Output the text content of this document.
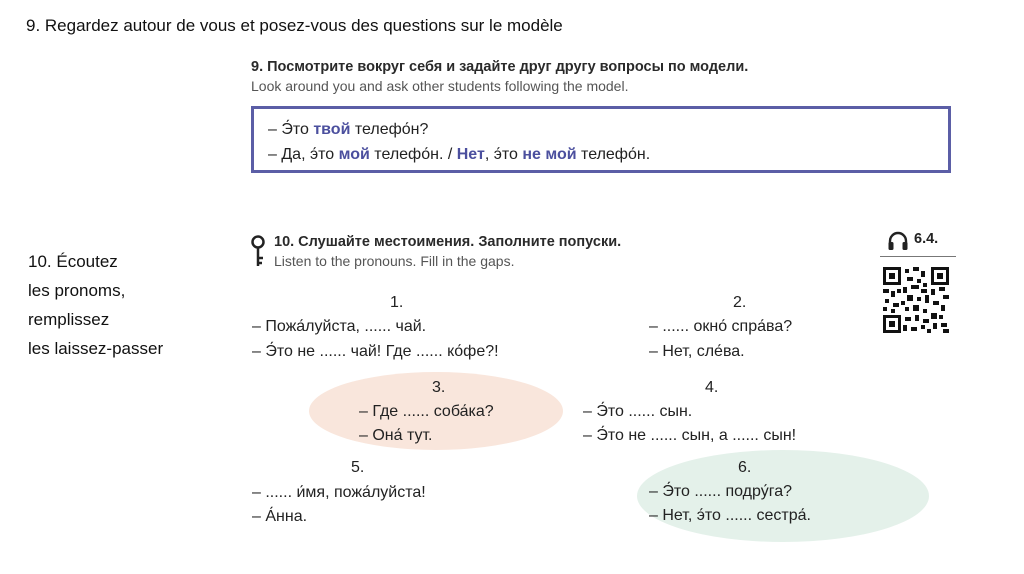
9. Regardez autour de vous et posez-vous des questions sur le modèle
9. Посмотрите вокруг себя и задайте друг другу вопросы по модели.
Look around you and ask other students following the model.
– Э́то твой телефо́н?
– Да, э́то мой телефо́н. / Нет, э́то не мой телефо́н.
10. Écoutez
les pronoms,
remplissez
les laissez-passer
10. Слушайте местоимения. Заполните попуски.
Listen to the pronouns. Fill in the gaps.
6.4.
1.
– Пожа́луйста, ...... чай.
– Э́то не ...... чай! Где ...... ко́фе?!
2.
– ...... окно́ спра́ва?
– Нет, сле́ва.
3.
– Где ...... соба́ка?
– Она́ тут.
4.
– Э́то ...... сын.
– Э́то не ...... сын, а ...... сын!
5.
– ...... и́мя, пожа́луйста!
– А́нна.
6.
– Э́то ...... подру́га?
– Нет, э́то ...... сестра́.
